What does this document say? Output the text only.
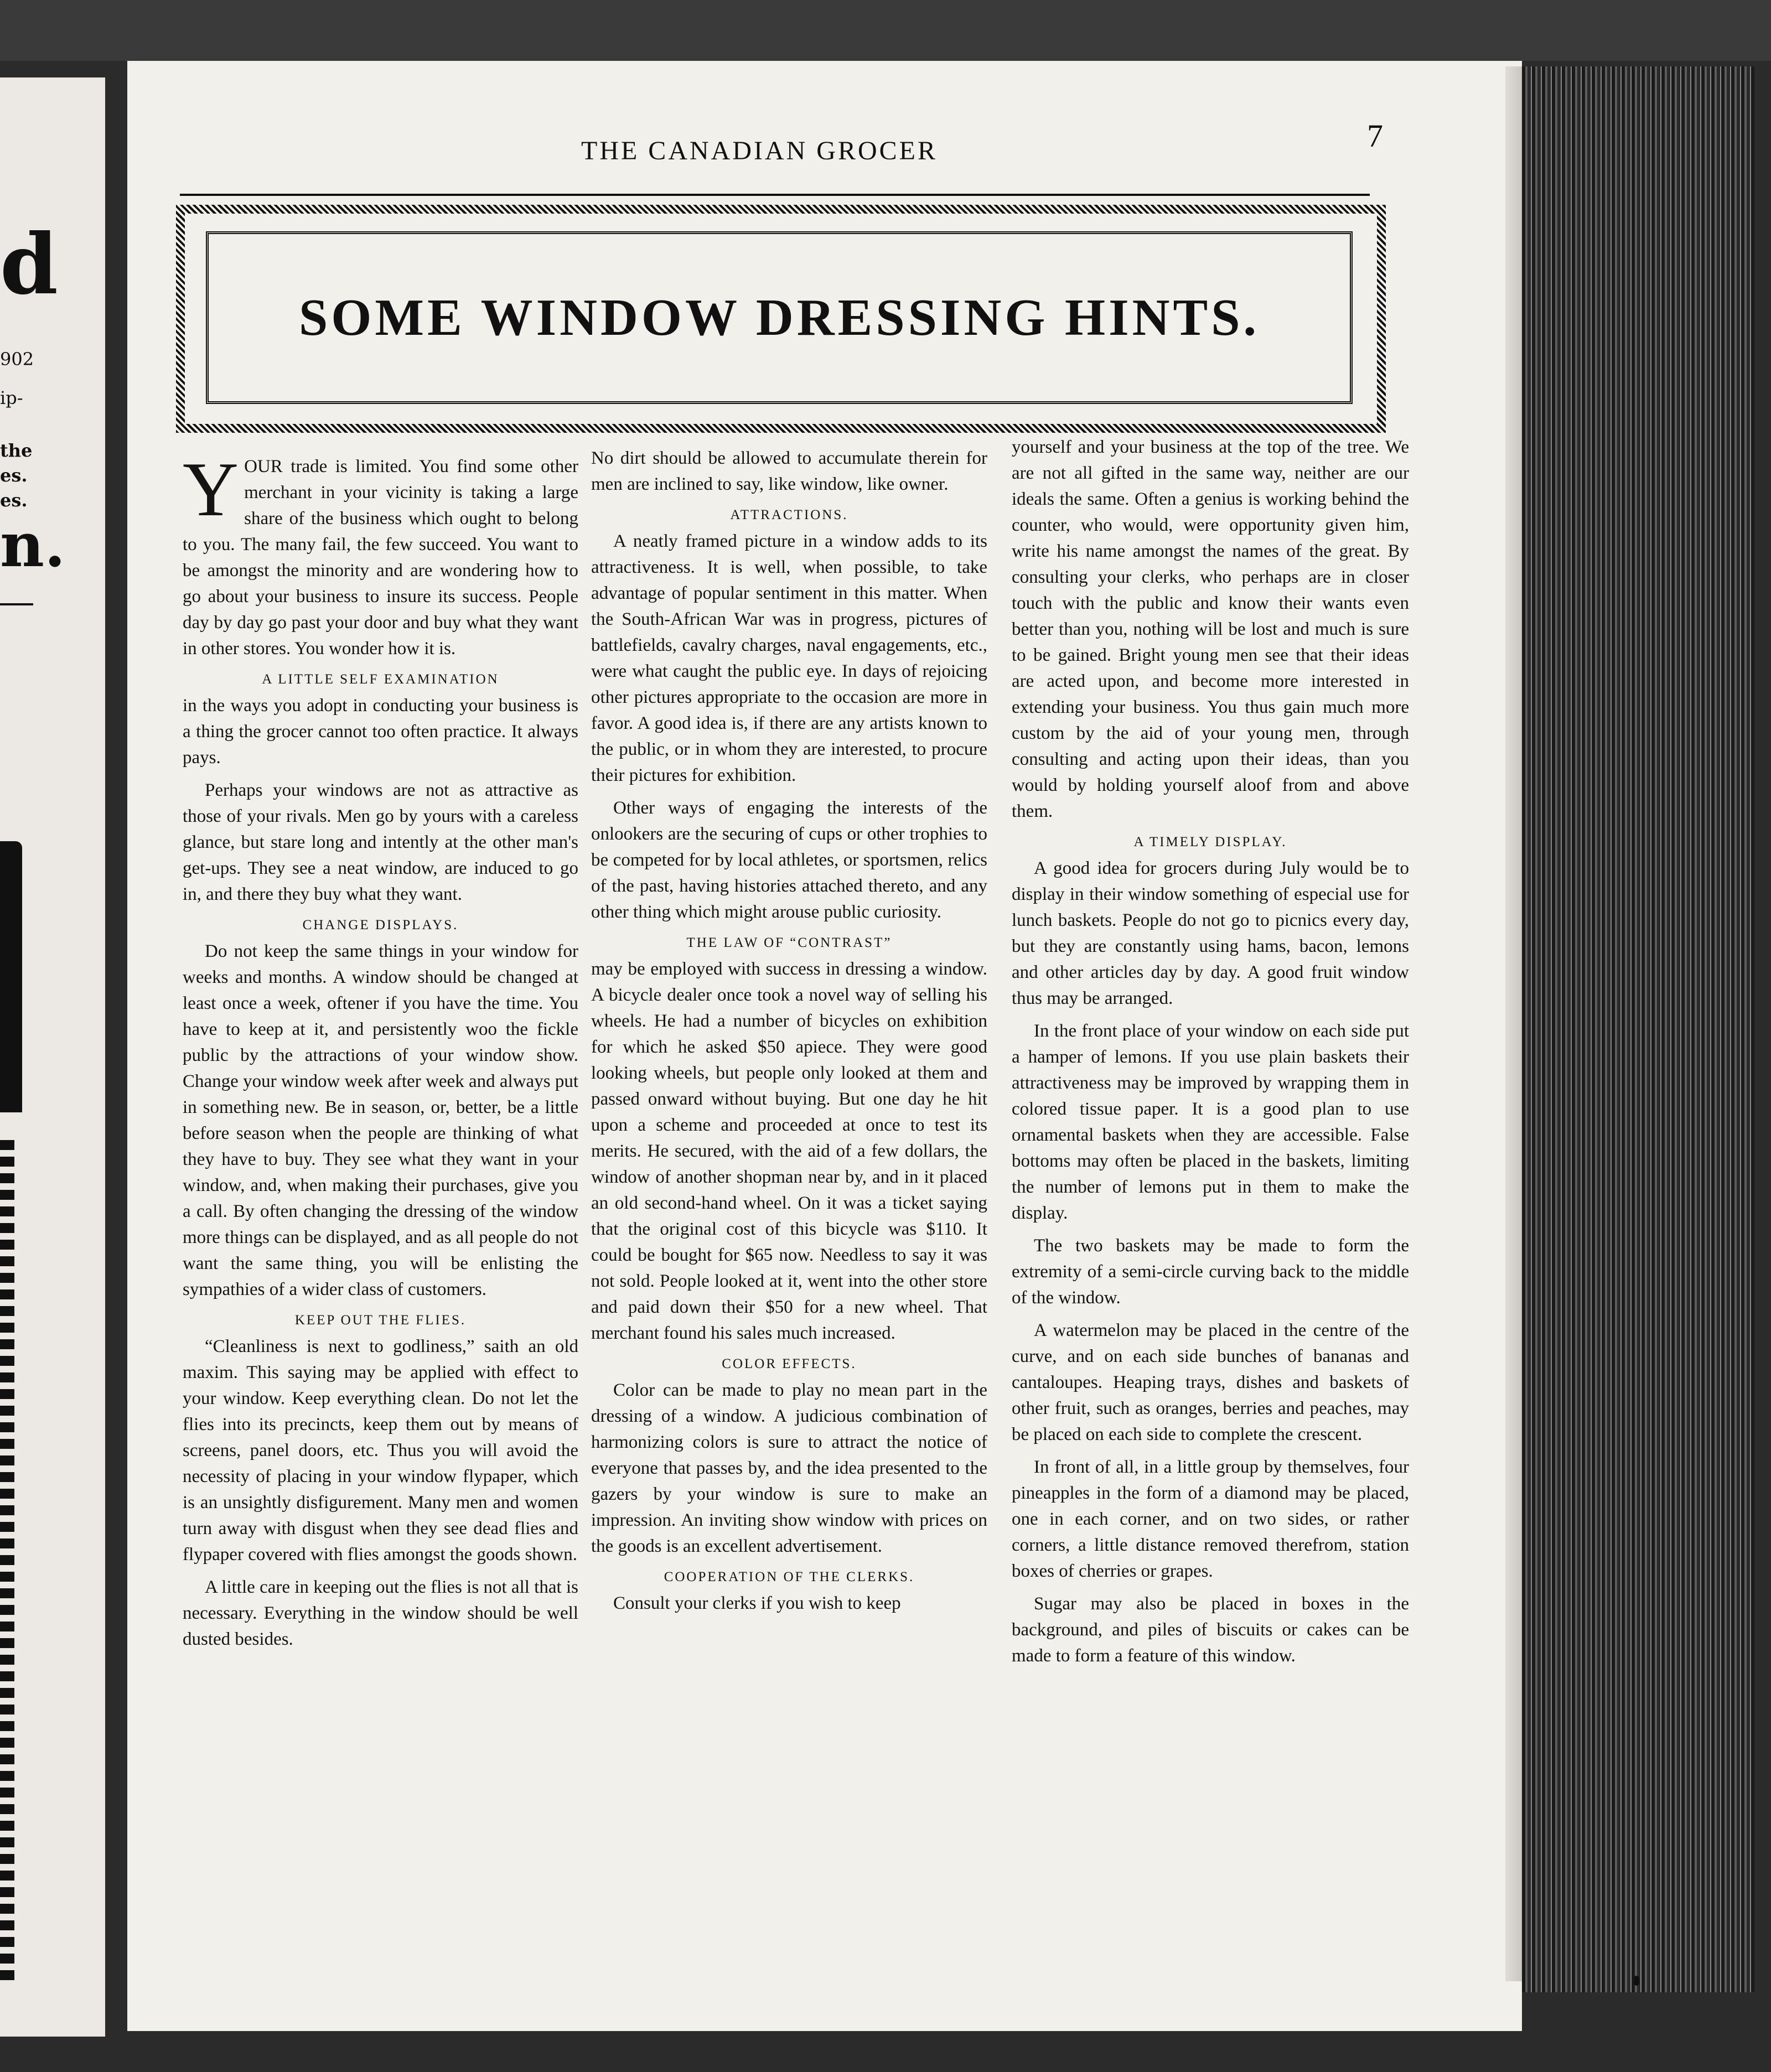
d
902
ip-
the
es.
es.
n.
THE CANADIAN GROCER	7
SOME WINDOW DRESSING HINTS.

YOUR trade is limited. You find some other merchant in your vicinity is taking a large share of the business which ought to belong to you. The many fail, the few succeed. You want to be amongst the minority and are wondering how to go about your business to insure its success. People day by day go past your door and buy what they want in other stores. You wonder how it is.

A LITTLE SELF EXAMINATION

in the ways you adopt in conducting your business is a thing the grocer cannot too often practice. It always pays.

Perhaps your windows are not as attractive as those of your rivals. Men go by yours with a careless glance, but stare long and intently at the other man's get-ups. They see a neat window, are induced to go in, and there they buy what they want.

CHANGE DISPLAYS.

Do not keep the same things in your window for weeks and months. A window should be changed at least once a week, oftener if you have the time. You have to keep at it, and persistently woo the fickle public by the attractions of your window show. Change your window week after week and always put in something new. Be in season, or, better, be a little before season when the people are thinking of what they have to buy. They see what they want in your window, and, when making their purchases, give you a call. By often changing the dressing of the window more things can be displayed, and as all people do not want the same thing, you will be enlisting the sympathies of a wider class of customers.

KEEP OUT THE FLIES.

“Cleanliness is next to godliness,” saith an old maxim. This saying may be applied with effect to your window. Keep everything clean. Do not let the flies into its precincts, keep them out by means of screens, panel doors, etc. Thus you will avoid the necessity of placing in your window flypaper, which is an unsightly disfigurement. Many men and women turn away with disgust when they see dead flies and flypaper covered with flies amongst the goods shown.

A little care in keeping out the flies is not all that is necessary. Everything in the window should be well dusted besides.

No dirt should be allowed to accumulate therein for men are inclined to say, like window, like owner.

ATTRACTIONS.

A neatly framed picture in a window adds to its attractiveness. It is well, when possible, to take advantage of popular sentiment in this matter. When the South-African War was in progress, pictures of battlefields, cavalry charges, naval engagements, etc., were what caught the public eye. In days of rejoicing other pictures appropriate to the occasion are more in favor. A good idea is, if there are any artists known to the public, or in whom they are interested, to procure their pictures for exhibition.

Other ways of engaging the interests of the onlookers are the securing of cups or other trophies to be competed for by local athletes, or sportsmen, relics of the past, having histories attached thereto, and any other thing which might arouse public curiosity.

THE LAW OF “CONTRAST”

may be employed with success in dressing a window. A bicycle dealer once took a novel way of selling his wheels. He had a number of bicycles on exhibition for which he asked $50 apiece. They were good looking wheels, but people only looked at them and passed onward without buying. But one day he hit upon a scheme and proceeded at once to test its merits. He secured, with the aid of a few dollars, the window of another shopman near by, and in it placed an old second-hand wheel. On it was a ticket saying that the original cost of this bicycle was $110. It could be bought for $65 now. Needless to say it was not sold. People looked at it, went into the other store and paid down their $50 for a new wheel. That merchant found his sales much increased.

COLOR EFFECTS.

Color can be made to play no mean part in the dressing of a window. A judicious combination of harmonizing colors is sure to attract the notice of everyone that passes by, and the idea presented to the gazers by your window is sure to make an impression. An inviting show window with prices on the goods is an excellent advertisement.

COOPERATION OF THE CLERKS.

Consult your clerks if you wish to keep

yourself and your business at the top of the tree. We are not all gifted in the same way, neither are our ideals the same. Often a genius is working behind the counter, who would, were opportunity given him, write his name amongst the names of the great. By consulting your clerks, who perhaps are in closer touch with the public and know their wants even better than you, nothing will be lost and much is sure to be gained. Bright young men see that their ideas are acted upon, and become more interested in extending your business. You thus gain much more custom by the aid of your young men, through consulting and acting upon their ideas, than you would by holding yourself aloof from and above them.

A TIMELY DISPLAY.

A good idea for grocers during July would be to display in their window something of especial use for lunch baskets. People do not go to picnics every day, but they are constantly using hams, bacon, lemons and other articles day by day. A good fruit window thus may be arranged.

In the front place of your window on each side put a hamper of lemons. If you use plain baskets their attractiveness may be improved by wrapping them in colored tissue paper. It is a good plan to use ornamental baskets when they are accessible. False bottoms may often be placed in the baskets, limiting the number of lemons put in them to make the display.

The two baskets may be made to form the extremity of a semi-circle curving back to the middle of the window.

A watermelon may be placed in the centre of the curve, and on each side bunches of bananas and cantaloupes. Heaping trays, dishes and baskets of other fruit, such as oranges, berries and peaches, may be placed on each side to complete the crescent.

In front of all, in a little group by themselves, four pineapples in the form of a diamond may be placed, one in each corner, and on two sides, or rather corners, a little distance removed therefrom, station boxes of cherries or grapes.

Sugar may also be placed in boxes in the background, and piles of biscuits or cakes can be made to form a feature of this window.
